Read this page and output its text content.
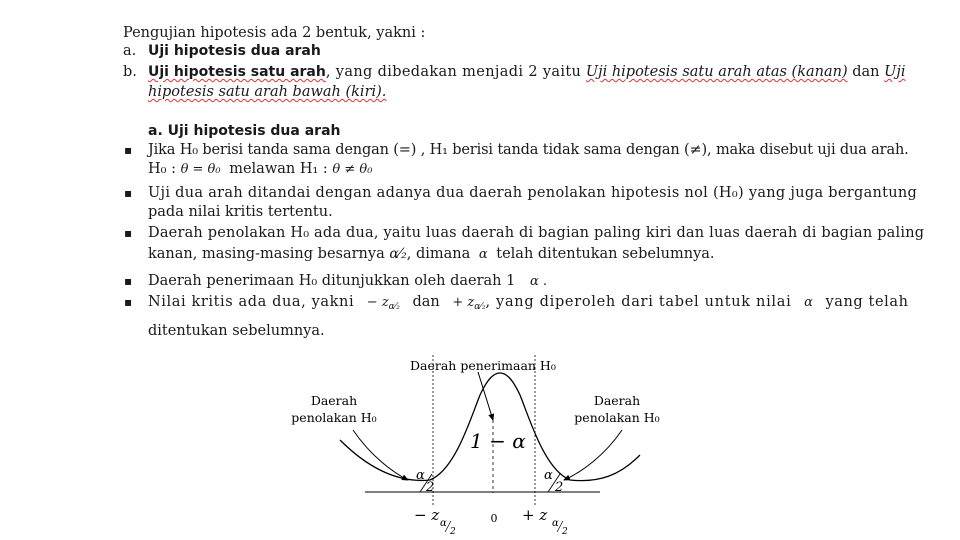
Pengujian hipotesis ada 2 bentuk, yakni :
a. Uji hipotesis dua arah
b. Uji hipotesis satu arah, yang dibedakan menjadi 2 yaitu Uji hipotesis satu arah atas (kanan) dan Uji
hipotesis satu arah bawah (kiri).
a. Uji hipotesis dua arah
▪ Jika H₀ berisi tanda sama dengan (=) , H₁ berisi tanda tidak sama dengan (≠), maka disebut uji dua arah.
H₀ : θ = θ₀ melawan H₁ : θ ≠ θ₀
▪ Uji dua arah ditandai dengan adanya dua daerah penolakan hipotesis nol (H₀) yang juga bergantung
pada nilai kritis tertentu.
▪ Daerah penolakan H₀ ada dua, yaitu luas daerah di bagian paling kiri dan luas daerah di bagian paling
kanan, masing-masing besarnya α⁄₂, dimana α telah ditentukan sebelumnya.
▪ Daerah penerimaan H₀ ditunjukkan oleh daerah 1 α .
▪ Nilai kritis ada dua, yakni − $z_{\alpha⁄_2}$ dan + $z_{\alpha⁄_2}$, yang diperoleh dari tabel untuk nilai α yang telah
ditentukan sebelumnya.
Daerah penerimaan H₀
Daerah
penolakan H₀
Daerah
penolakan H₀
1 − α
α
2
α
2
− z α
2
0 + z α
2
